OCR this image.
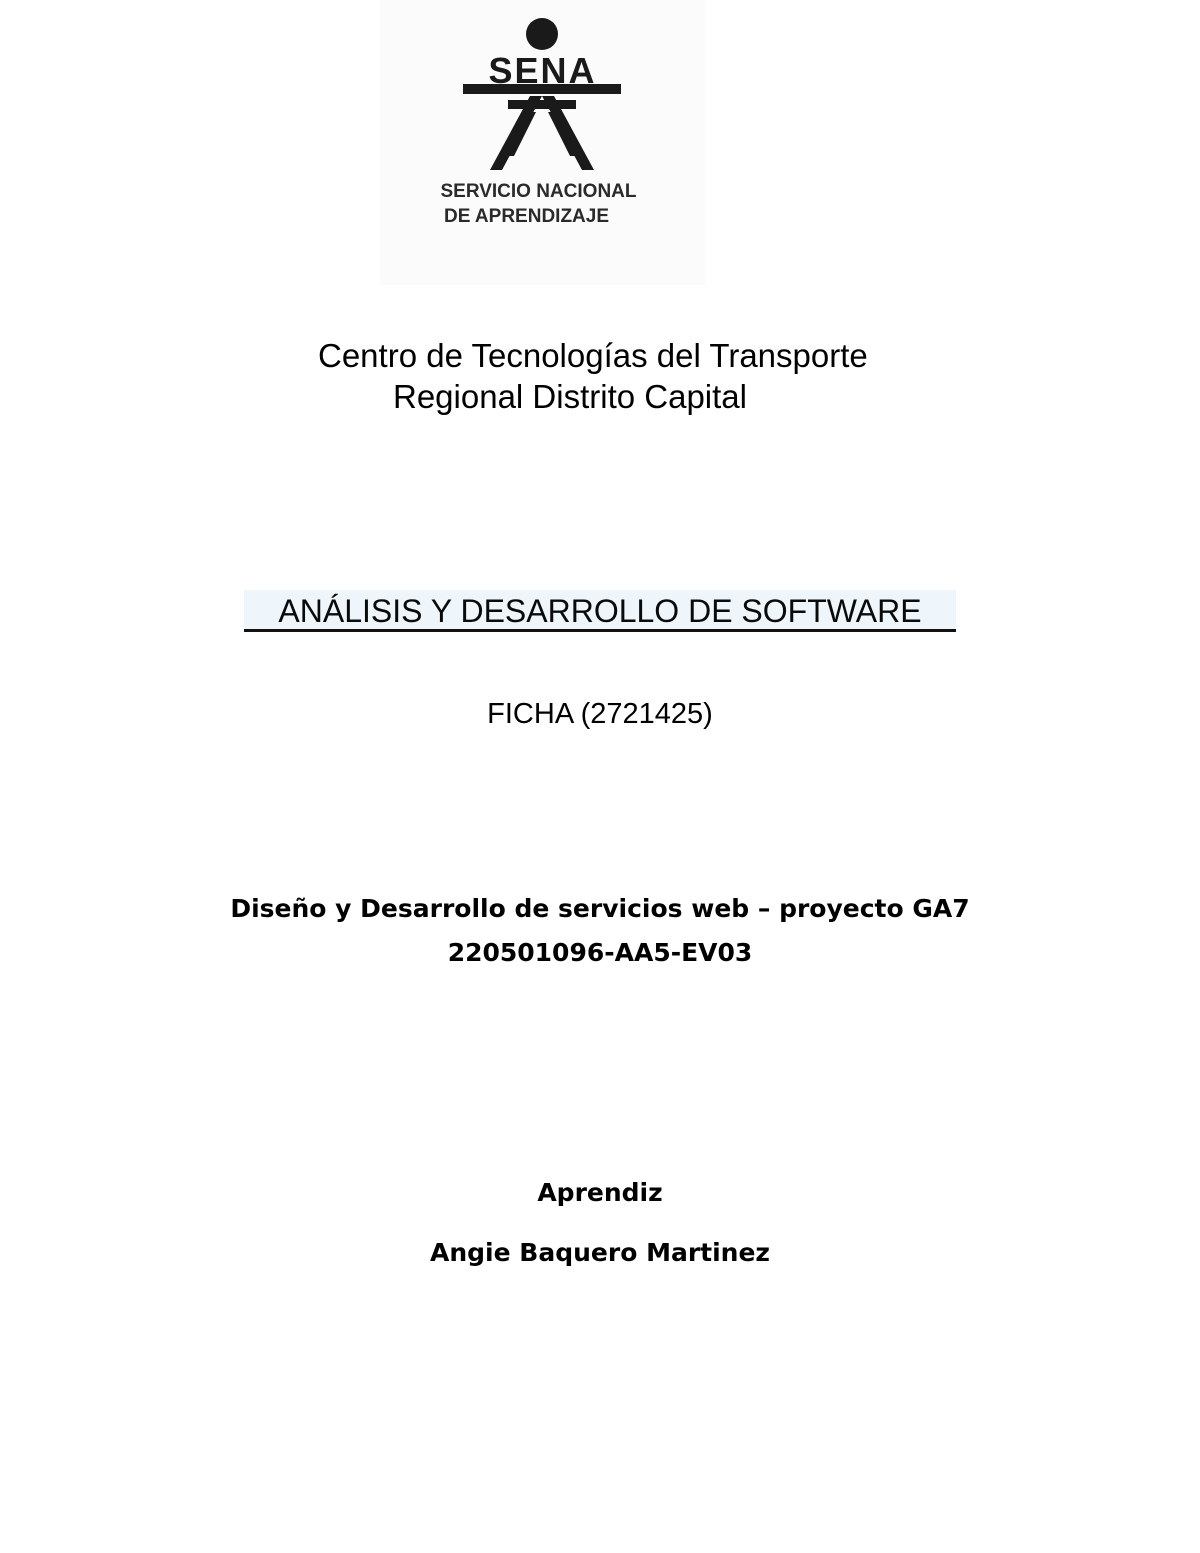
SENA
SERVICIO NACIONAL
DE APRENDIZAJE
Centro de Tecnologías del Transporte
Regional Distrito Capital
ANÁLISIS Y DESARROLLO DE SOFTWARE
FICHA (2721425)
Diseño y Desarrollo de servicios web – proyecto GA7
220501096-AA5-EV03
Aprendiz
Angie Baquero Martinez
